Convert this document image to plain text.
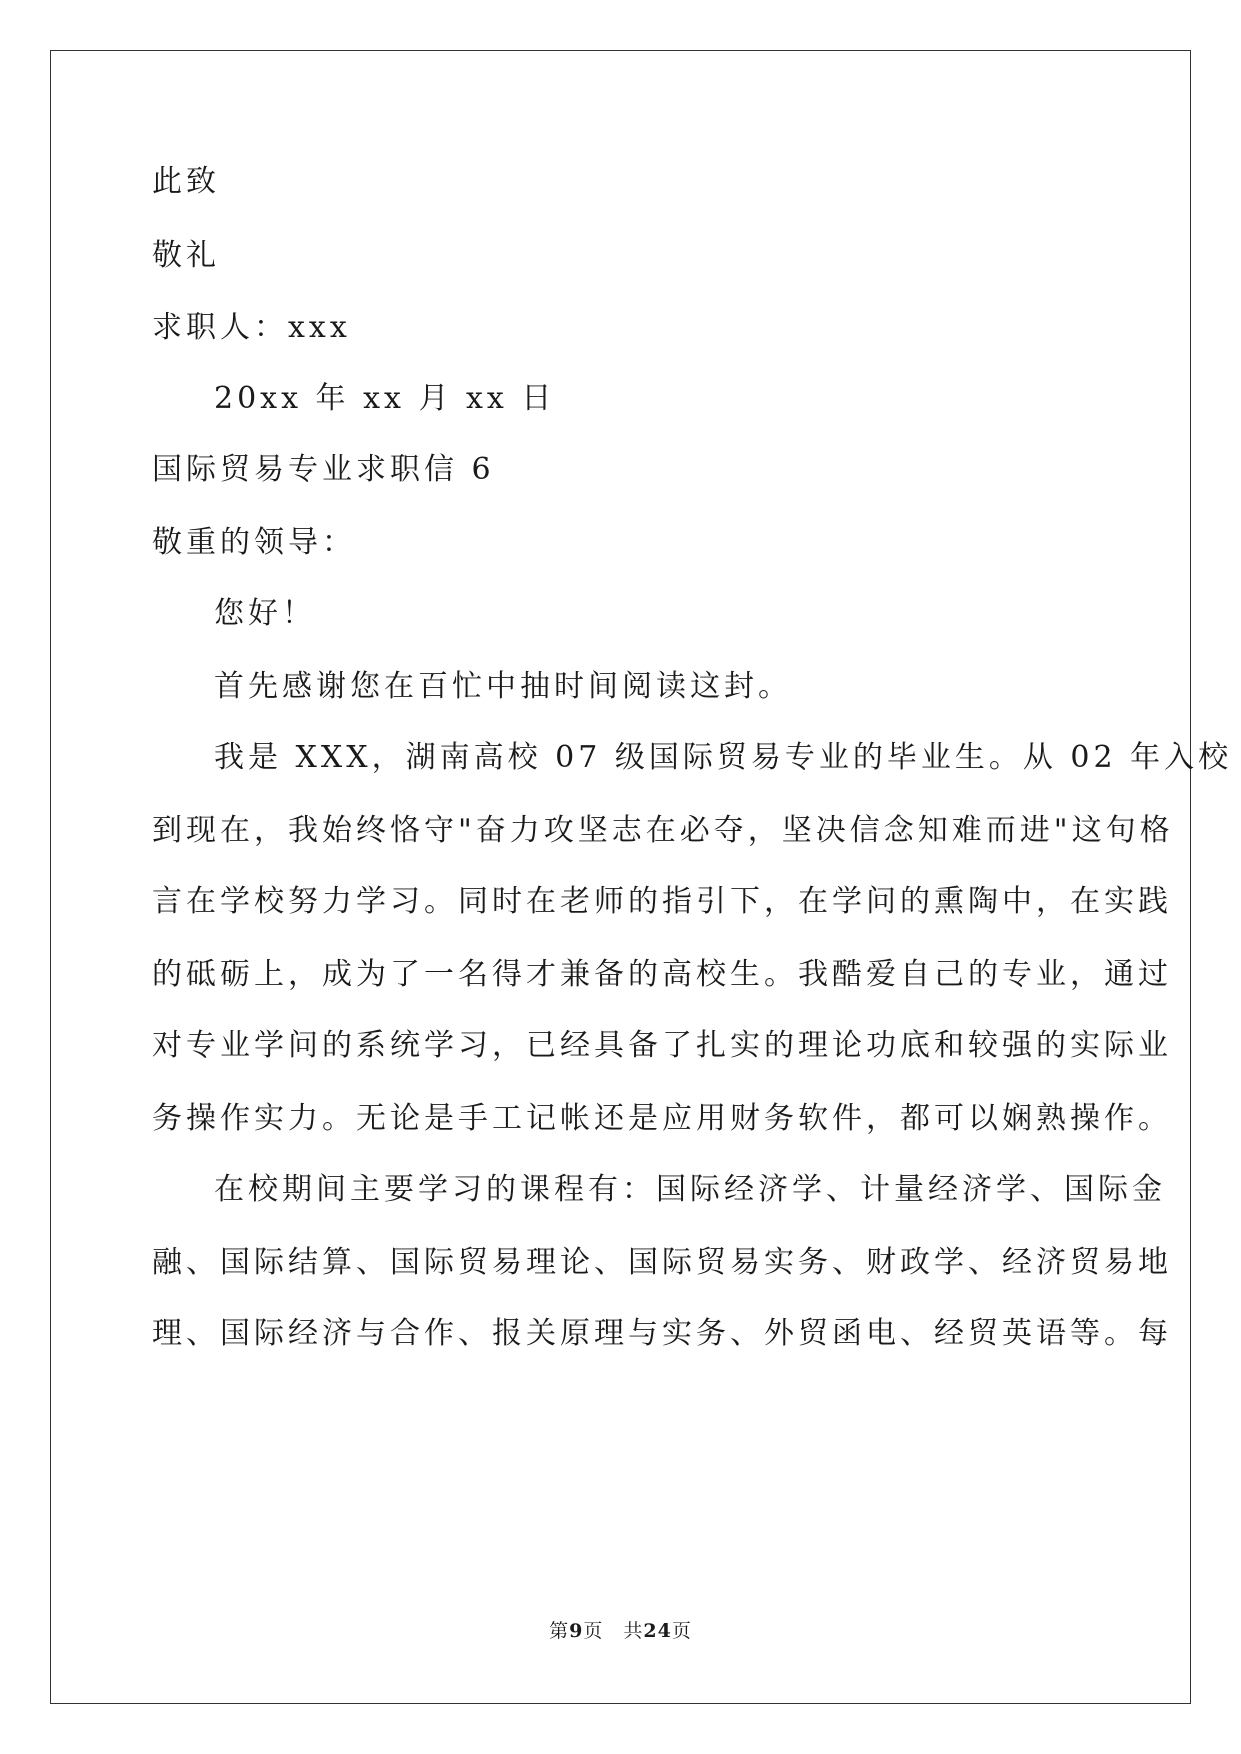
此致
敬礼
求职人：xxx
20xx 年 xx 月 xx 日
国际贸易专业求职信 6
敬重的领导：
您好！
首先感谢您在百忙中抽时间阅读这封。
我是 XXX，湖南高校 07 级国际贸易专业的毕业生。从 02 年入校
到现在，我始终恪守"奋力攻坚志在必夺，坚决信念知难而进"这句格
言在学校努力学习。同时在老师的指引下，在学问的熏陶中，在实践
的砥砺上，成为了一名得才兼备的高校生。我酷爱自己的专业，通过
对专业学问的系统学习，已经具备了扎实的理论功底和较强的实际业
务操作实力。无论是手工记帐还是应用财务软件，都可以娴熟操作。
在校期间主要学习的课程有：国际经济学、计量经济学、国际金
融、国际结算、国际贸易理论、国际贸易实务、财政学、经济贸易地
理、国际经济与合作、报关原理与实务、外贸函电、经贸英语等。每
第9页 共24页
